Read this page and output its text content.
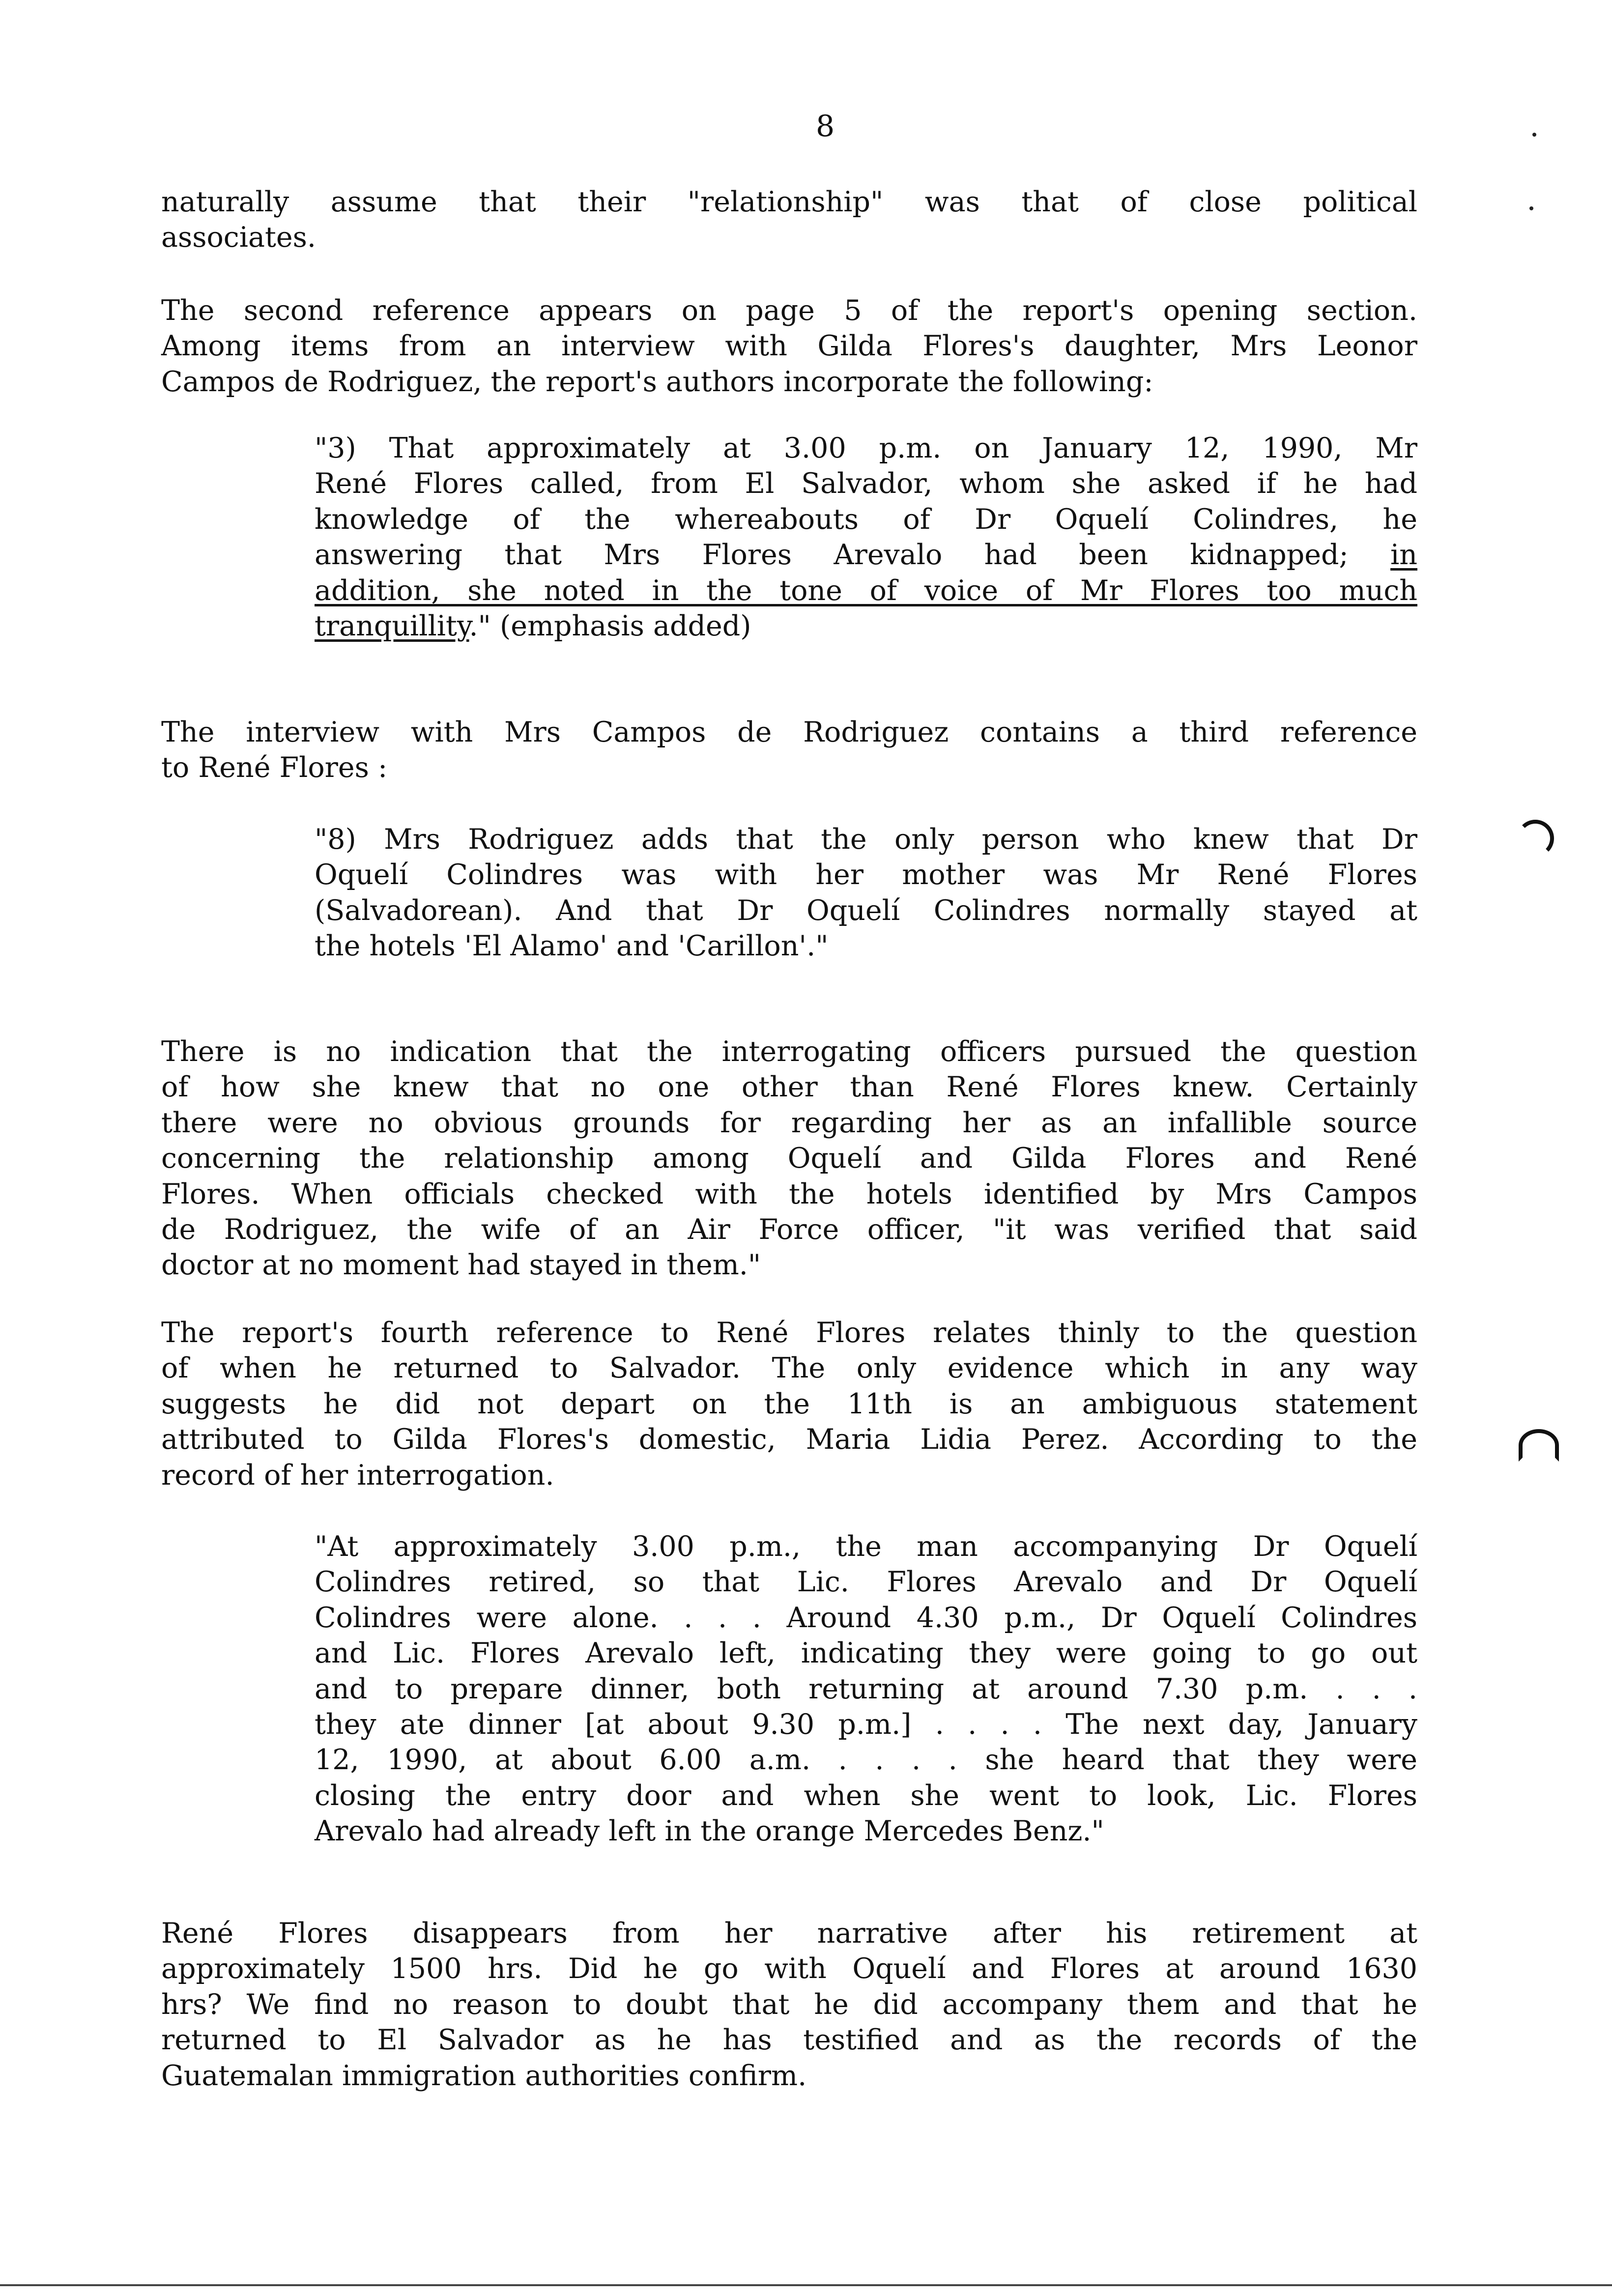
8
naturally assume that their "relationship" was that of close political
associates.
The second reference appears on page 5 of the report's opening section.
Among items from an interview with Gilda Flores's daughter, Mrs Leonor
Campos de Rodriguez, the report's authors incorporate the following:
"3) That approximately at 3.00 p.m. on January 12, 1990, Mr
René Flores called, from El Salvador, whom she asked if he had
knowledge of the whereabouts of Dr Oquelí Colindres, he
answering that Mrs Flores Arevalo had been kidnapped; in
addition, she noted in the tone of voice of Mr Flores too much
tranquillity." (emphasis added)
The interview with Mrs Campos de Rodriguez contains a third reference
to René Flores :
"8) Mrs Rodriguez adds that the only person who knew that Dr
Oquelí Colindres was with her mother was Mr René Flores
(Salvadorean). And that Dr Oquelí Colindres normally stayed at
the hotels 'El Alamo' and 'Carillon'."
There is no indication that the interrogating officers pursued the question
of how she knew that no one other than René Flores knew. Certainly
there were no obvious grounds for regarding her as an infallible source
concerning the relationship among Oquelí and Gilda Flores and René
Flores. When officials checked with the hotels identified by Mrs Campos
de Rodriguez, the wife of an Air Force officer, "it was verified that said
doctor at no moment had stayed in them."
The report's fourth reference to René Flores relates thinly to the question
of when he returned to Salvador. The only evidence which in any way
suggests he did not depart on the 11th is an ambiguous statement
attributed to Gilda Flores's domestic, Maria Lidia Perez. According to the
record of her interrogation.
"At approximately 3.00 p.m., the man accompanying Dr Oquelí
Colindres retired, so that Lic. Flores Arevalo and Dr Oquelí
Colindres were alone. . . . Around 4.30 p.m., Dr Oquelí Colindres
and Lic. Flores Arevalo left, indicating they were going to go out
and to prepare dinner, both returning at around 7.30 p.m. . . .
they ate dinner [at about 9.30 p.m.] . . . . The next day, January
12, 1990, at about 6.00 a.m. . . . . she heard that they were
closing the entry door and when she went to look, Lic. Flores
Arevalo had already left in the orange Mercedes Benz."
René Flores disappears from her narrative after his retirement at
approximately 1500 hrs. Did he go with Oquelí and Flores at around 1630
hrs? We find no reason to doubt that he did accompany them and that he
returned to El Salvador as he has testified and as the records of the
Guatemalan immigration authorities confirm.
